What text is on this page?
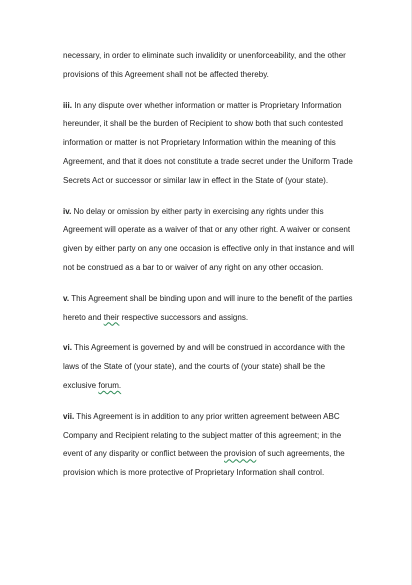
necessary, in order to eliminate such invalidity or unenforceability, and the other provisions of this Agreement shall not be affected thereby.

iii. In any dispute over whether information or matter is Proprietary Information hereunder, it shall be the burden of Recipient to show both that such contested information or matter is not Proprietary Information within the meaning of this Agreement, and that it does not constitute a trade secret under the Uniform Trade Secrets Act or successor or similar law in effect in the State of (your state).

iv. No delay or omission by either party in exercising any rights under this Agreement will operate as a waiver of that or any other right. A waiver or consent given by either party on any one occasion is effective only in that instance and will not be construed as a bar to or waiver of any right on any other occasion.

v. This Agreement shall be binding upon and will inure to the benefit of the parties hereto and their respective successors and assigns.

vi. This Agreement is governed by and will be construed in accordance with the laws of the State of (your state), and the courts of (your state) shall be the exclusive forum.

vii. This Agreement is in addition to any prior written agreement between ABC Company and Recipient relating to the subject matter of this agreement; in the event of any disparity or conflict between the provision of such agreements, the provision which is more protective of Proprietary Information shall control.
